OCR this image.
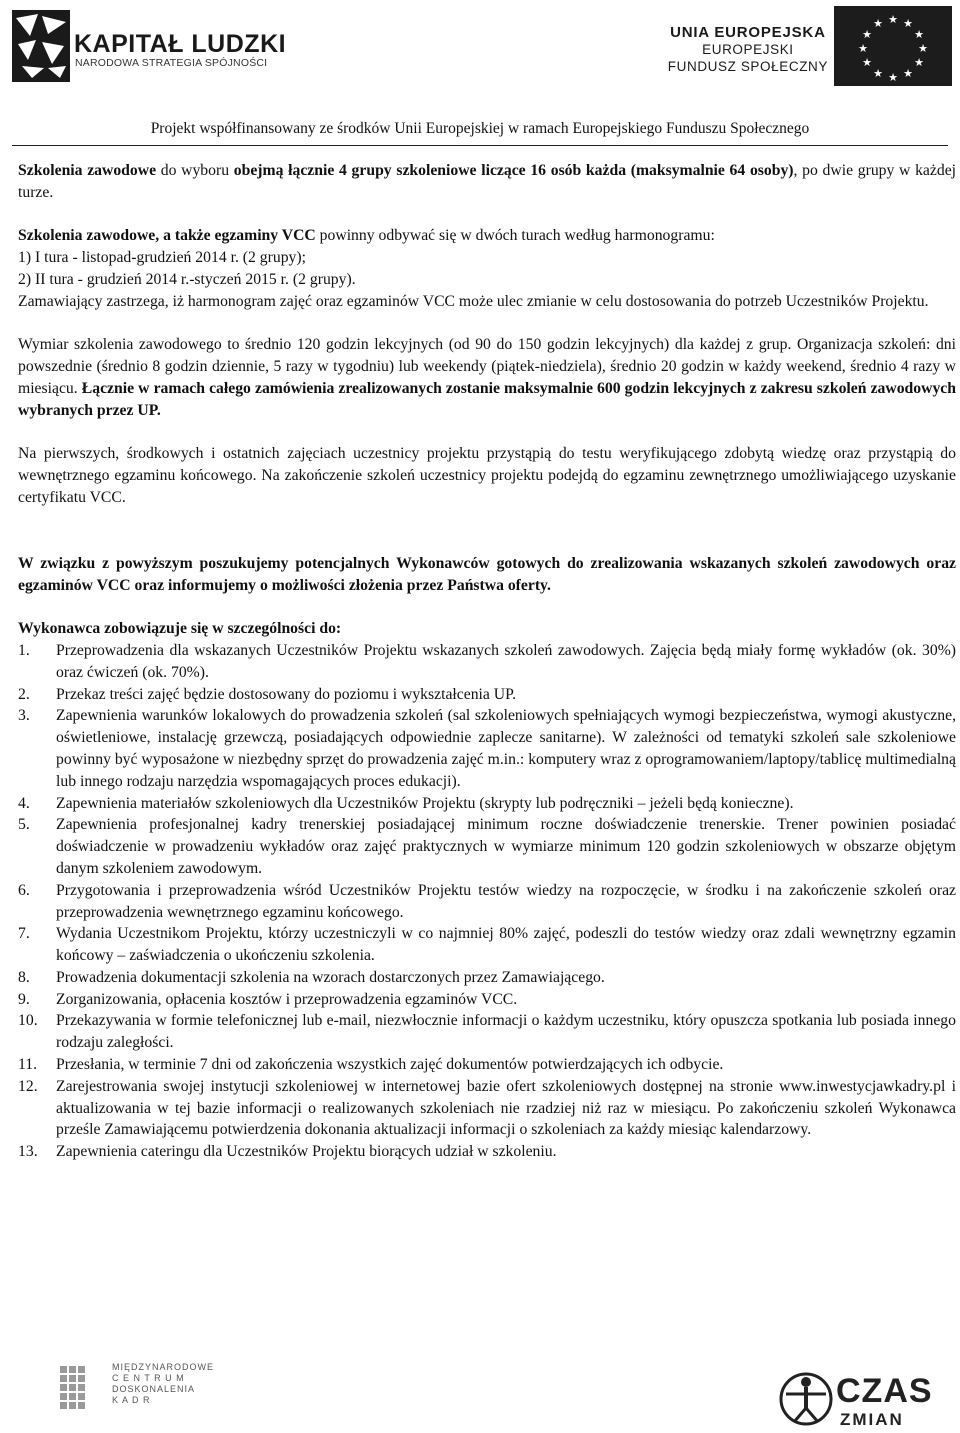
KAPITAŁ LUDZKI
NARODOWA STRATEGIA SPÓJNOŚCI
UNIA EUROPEJSKA
EUROPEJSKI
FUNDUSZ SPOŁECZNY
★ ★
★
★
★
★
★
★
★
★
★
★
Projekt współfinansowany ze środków Unii Europejskiej w ramach Europejskiego Funduszu Społecznego

Szkolenia zawodowe do wyboru obejmą łącznie 4 grupy szkoleniowe liczące 16 osób każda (maksymalnie 64 osoby), po dwie grupy w każdej turze.

Szkolenia zawodowe, a także egzaminy VCC powinny odbywać się w dwóch turach według harmonogramu:

1) I tura - listopad-grudzień 2014 r. (2 grupy);

2) II tura - grudzień 2014 r.-styczeń 2015 r. (2 grupy).

Zamawiający zastrzega, iż harmonogram zajęć oraz egzaminów VCC może ulec zmianie w celu dostosowania do potrzeb Uczestników Projektu.

Wymiar szkolenia zawodowego to średnio 120 godzin lekcyjnych (od 90 do 150 godzin lekcyjnych) dla każdej z grup. Organizacja szkoleń: dni powszednie (średnio 8 godzin dziennie, 5 razy w tygodniu) lub weekendy (piątek-niedziela), średnio 20 godzin w każdy weekend, średnio 4 razy w miesiącu. Łącznie w ramach całego zamówienia zrealizowanych zostanie maksymalnie 600 godzin lekcyjnych z zakresu szkoleń zawodowych wybranych przez UP.

Na pierwszych, środkowych i ostatnich zajęciach uczestnicy projektu przystąpią do testu weryfikującego zdobytą wiedzę oraz przystąpią do wewnętrznego egzaminu końcowego. Na zakończenie szkoleń uczestnicy projektu podejdą do egzaminu zewnętrznego umożliwiającego uzyskanie certyfikatu VCC.

W związku z powyższym poszukujemy potencjalnych Wykonawców gotowych do zrealizowania wskazanych szkoleń zawodowych oraz egzaminów VCC oraz informujemy o możliwości złożenia przez Państwa oferty.

Wykonawca zobowiązuje się w szczególności do:

1. Przeprowadzenia dla wskazanych Uczestników Projektu wskazanych szkoleń zawodowych. Zajęcia będą miały formę wykładów (ok. 30%) oraz ćwiczeń (ok. 70%).
2. Przekaz treści zajęć będzie dostosowany do poziomu i wykształcenia UP.
3. Zapewnienia warunków lokalowych do prowadzenia szkoleń (sal szkoleniowych spełniających wymogi bezpieczeństwa, wymogi akustyczne, oświetleniowe, instalację grzewczą, posiadających odpowiednie zaplecze sanitarne). W zależności od tematyki szkoleń sale szkoleniowe powinny być wyposażone w niezbędny sprzęt do prowadzenia zajęć m.in.: komputery wraz z oprogramowaniem/laptopy/tablicę multimedialną lub innego rodzaju narzędzia wspomagających proces edukacji).
4. Zapewnienia materiałów szkoleniowych dla Uczestników Projektu (skrypty lub podręczniki – jeżeli będą konieczne).
5. Zapewnienia profesjonalnej kadry trenerskiej posiadającej minimum roczne doświadczenie trenerskie. Trener powinien posiadać doświadczenie w prowadzeniu wykładów oraz zajęć praktycznych w wymiarze minimum 120 godzin szkoleniowych w obszarze objętym danym szkoleniem zawodowym.
6. Przygotowania i przeprowadzenia wśród Uczestników Projektu testów wiedzy na rozpoczęcie, w środku i na zakończenie szkoleń oraz przeprowadzenia wewnętrznego egzaminu końcowego.
7. Wydania Uczestnikom Projektu, którzy uczestniczyli w co najmniej 80% zajęć, podeszli do testów wiedzy oraz zdali wewnętrzny egzamin końcowy – zaświadczenia o ukończeniu szkolenia.
8. Prowadzenia dokumentacji szkolenia na wzorach dostarczonych przez Zamawiającego.
9. Zorganizowania, opłacenia kosztów i przeprowadzenia egzaminów VCC.
10. Przekazywania w formie telefonicznej lub e-mail, niezwłocznie informacji o każdym uczestniku, który opuszcza spotkania lub posiada innego rodzaju zaległości.
11. Przesłania, w terminie 7 dni od zakończenia wszystkich zajęć dokumentów potwierdzających ich odbycie.
12. Zarejestrowania swojej instytucji szkoleniowej w internetowej bazie ofert szkoleniowych dostępnej na stronie www.inwestycjawkadry.pl i aktualizowania w tej bazie informacji o realizowanych szkoleniach nie rzadziej niż raz w miesiącu. Po zakończeniu szkoleń Wykonawca prześle Zamawiającemu potwierdzenia dokonania aktualizacji informacji o szkoleniach za każdy miesiąc kalendarzowy.
13. Zapewnienia cateringu dla Uczestników Projektu biorących udział w szkoleniu.
MIĘDZYNARODOWE
C E N T R U M
DOSKONALENIA
K A D R	CZAS
ZMIAN
